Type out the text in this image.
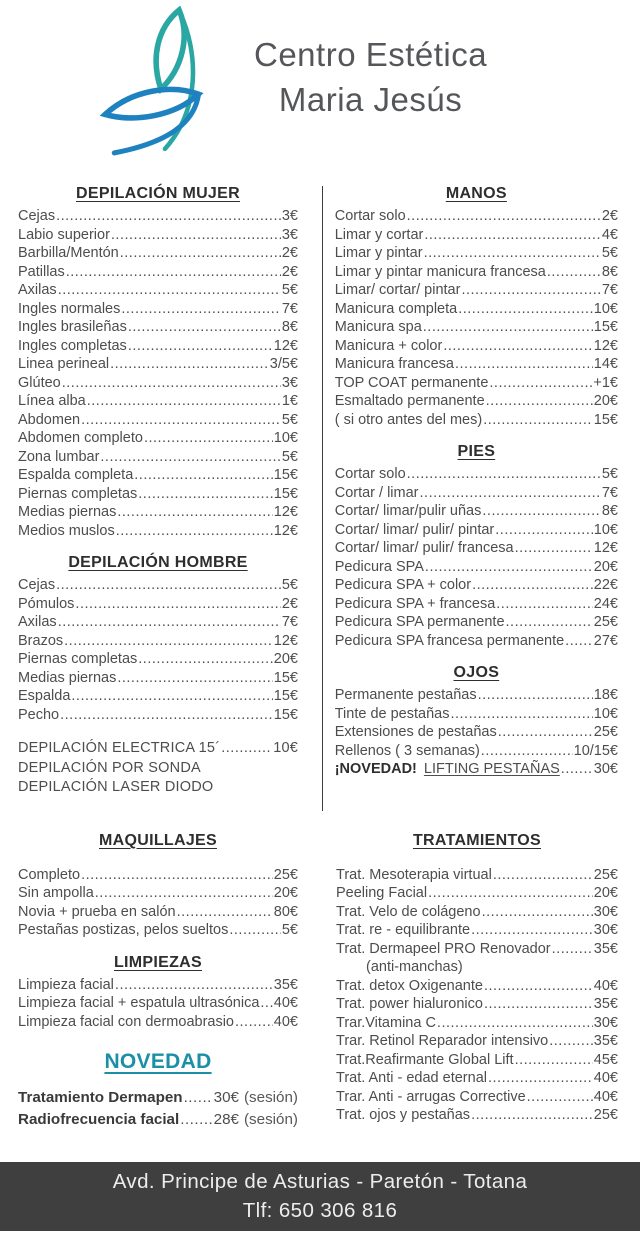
Centro Estética
Maria Jesús
DEPILACIÓN MUJER
Cejas .....	3€
Labio superior .....	3€
Barbilla/Mentón .....	2€
Patillas .....	2€
Axilas .....	5€
Ingles normales .....	7€
Ingles brasileñas .....	8€
Ingles completas .....	12€
Linea perineal .....	3/5€
Glúteo .....	3€
Línea alba .....	1€
Abdomen .....	5€
Abdomen completo .....	10€
Zona lumbar .....	5€
Espalda completa .....	15€
Piernas completas .....	15€
Medias piernas .....	12€
Medios muslos .....	12€
DEPILACIÓN HOMBRE
Cejas .....	5€
Pómulos .....	2€
Axilas .....	7€
Brazos .....	12€
Piernas completas .....	20€
Medias piernas .....	15€
Espalda .....	15€
Pecho .....	15€
DEPILACIÓN ELECTRICA 15´ .....	10€
DEPILACIÓN POR SONDA
DEPILACIÓN LASER DIODO
MANOS
Cortar solo .....	2€
Limar y cortar .....	4€
Limar y pintar .....	5€
Limar y pintar manicura francesa .....	8€
Limar/ cortar/ pintar .....	7€
Manicura completa .....	10€
Manicura spa .....	15€
Manicura + color .....	12€
Manicura francesa .....	14€
TOP COAT permanente .....	+1€
Esmaltado permanente .....	20€
( si otro antes del mes) .....	15€
PIES
Cortar solo .....	5€
Cortar / limar .....	7€
Cortar/ limar/pulir uñas .....	8€
Cortar/ limar/ pulir/ pintar .....	10€
Cortar/ limar/ pulir/ francesa .....	12€
Pedicura SPA .....	20€
Pedicura SPA + color .....	22€
Pedicura SPA + francesa .....	24€
Pedicura SPA permanente .....	25€
Pedicura SPA francesa permanente ..... 27€
OJOS
Permanente pestañas .....	18€
Tinte de pestañas .....	10€
Extensiones de pestañas .....	25€
Rellenos ( 3 semanas) .....	10/15€
¡NOVEDAD! LIFTING PESTAÑAS ..... 30€
MAQUILLAJES
Completo .....	25€
Sin ampolla .....	20€
Novia + prueba en salón .....	80€
Pestañas postizas, pelos sueltos .....	5€
LIMPIEZAS
Limpieza facial .....	35€
Limpieza facial + espatula ultrasónica ..... 40€
Limpieza facial con dermoabrasio .....	40€
NOVEDAD
Tratamiento Dermapen ..... 30€ (sesión)
Radiofrecuencia facial ..... 28€ (sesión)
TRATAMIENTOS
Trat. Mesoterapia virtual .....	25€
Peeling Facial .....	20€
Trat. Velo de colágeno .....	30€
Trat. re - equilibrante .....	30€
Trat. Dermapeel PRO Renovador .....	35€
(anti-manchas)
Trat. detox Oxigenante .....	40€
Trat. power hialuronico .....	35€
Trar.Vitamina C .....	30€
Trar. Retinol Reparador intensivo .....	35€
Trat.Reafirmante Global Lift .....	45€
Trat. Anti - edad eternal .....	40€
Trar. Anti - arrugas Corrective .....	40€
Trat. ojos y pestañas .....	25€
Avd. Principe de Asturias - Paretón - Totana
Tlf: 650 306 816
